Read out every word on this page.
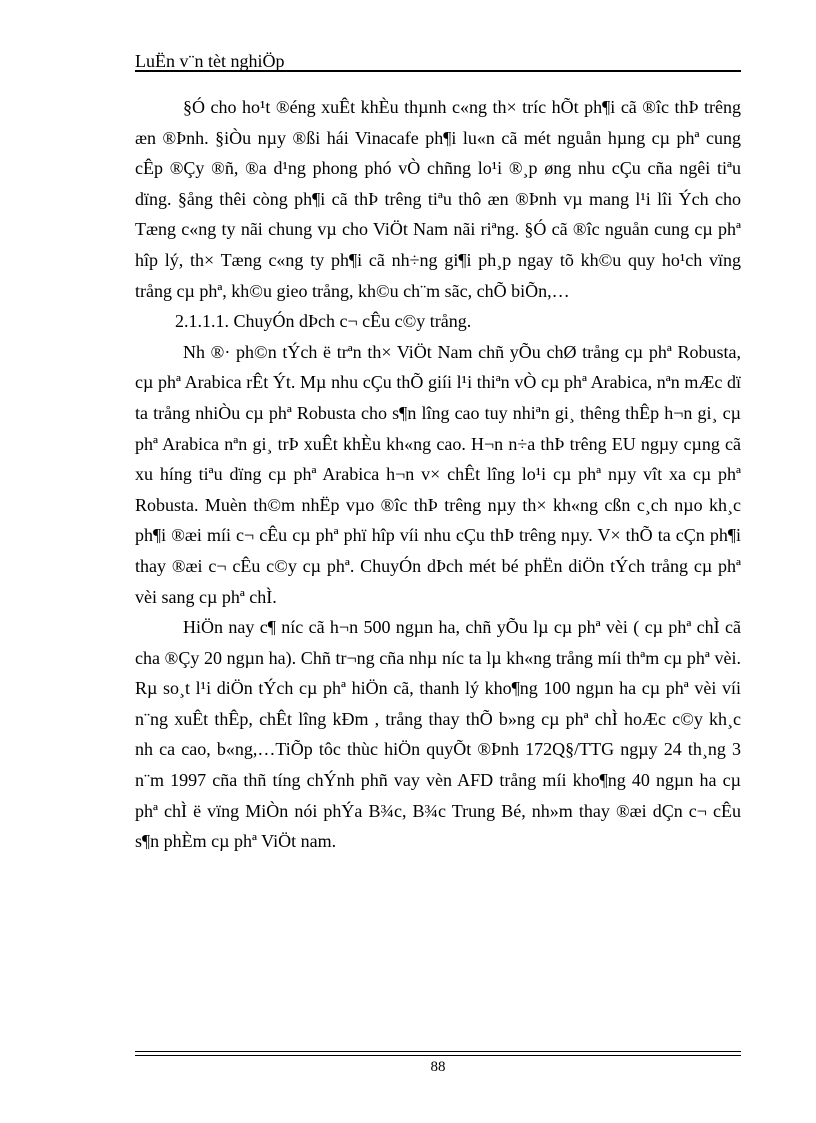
LuËn v¨n tèt nghiÖp

§Ó cho ho¹t ®éng xuÊt khÈu thµnh c«ng th× tríc hÕt ph¶i cã ®îc thÞ trêng æn ®Þnh. §iÒu nµy ®ßi hái Vinacafe ph¶i lu«n cã mét nguån hµng cµ phª cung cÊp ®Çy ®ñ, ®a d¹ng phong phó vÒ chñng lo¹i ®¸p øng nhu cÇu cña ngêi tiªu dïng. §ång thêi còng ph¶i cã thÞ trêng tiªu thô æn ®Þnh vµ mang l¹i lîi Ých cho Tæng c«ng ty nãi chung vµ cho ViÖt Nam nãi riªng. §Ó cã ®îc nguån cung cµ phª hîp lý, th× Tæng c«ng ty ph¶i cã nh÷ng gi¶i ph¸p ngay tõ kh©u quy ho¹ch vïng trång cµ phª, kh©u gieo trång, kh©u ch¨m sãc, chÕ biÕn,…

2.1.1.1. ChuyÓn dÞch c¬ cÊu c©y trång.

Nh ®· ph©n tÝch ë trªn th× ViÖt Nam chñ yÕu chØ trång cµ phª Robusta, cµ phª Arabica rÊt Ýt. Mµ nhu cÇu thÕ giíi l¹i thiªn vÒ cµ phª Arabica, nªn mÆc dï ta trång nhiÒu cµ phª Robusta cho s¶n lîng cao tuy nhiªn gi¸ thêng thÊp h¬n gi¸ cµ phª Arabica nªn gi¸ trÞ xuÊt khÈu kh«ng cao. H¬n n÷a thÞ trêng EU ngµy cµng cã xu híng tiªu dïng cµ phª Arabica h¬n v× chÊt lîng lo¹i cµ phª nµy vît xa cµ phª Robusta. Muèn th©m nhËp vµo ®îc thÞ trêng nµy th× kh«ng cßn c¸ch nµo kh¸c ph¶i ®æi míi c¬ cÊu cµ phª phï hîp víi nhu cÇu thÞ trêng nµy. V× thÕ ta cÇn ph¶i thay ®æi c¬ cÊu c©y cµ phª. ChuyÓn dÞch mét bé phËn diÖn tÝch trång cµ phª vèi sang cµ phª chÌ.

HiÖn nay c¶ níc cã h¬n 500 ngµn ha, chñ yÕu lµ cµ phª vèi ( cµ phª chÌ cã cha ®Çy 20 ngµn ha). Chñ tr¬ng cña nhµ níc ta lµ kh«ng trång míi thªm cµ phª vèi. Rµ so¸t l¹i diÖn tÝch cµ phª hiÖn cã, thanh lý kho¶ng 100 ngµn ha cµ phª vèi víi n¨ng xuÊt thÊp, chÊt lîng kÐm , trång thay thÕ b»ng cµ phª chÌ hoÆc c©y kh¸c nh ca cao, b«ng,…TiÕp tôc thùc hiÖn quyÕt ®Þnh 172Q§/TTG ngµy 24 th¸ng 3 n¨m 1997 cña thñ tíng chÝnh phñ vay vèn AFD trång míi kho¶ng 40 ngµn ha cµ phª chÌ ë vïng MiÒn nói phÝa B¾c, B¾c Trung Bé, nh»m thay ®æi dÇn c¬ cÊu s¶n phÈm cµ phª ViÖt nam.

88
